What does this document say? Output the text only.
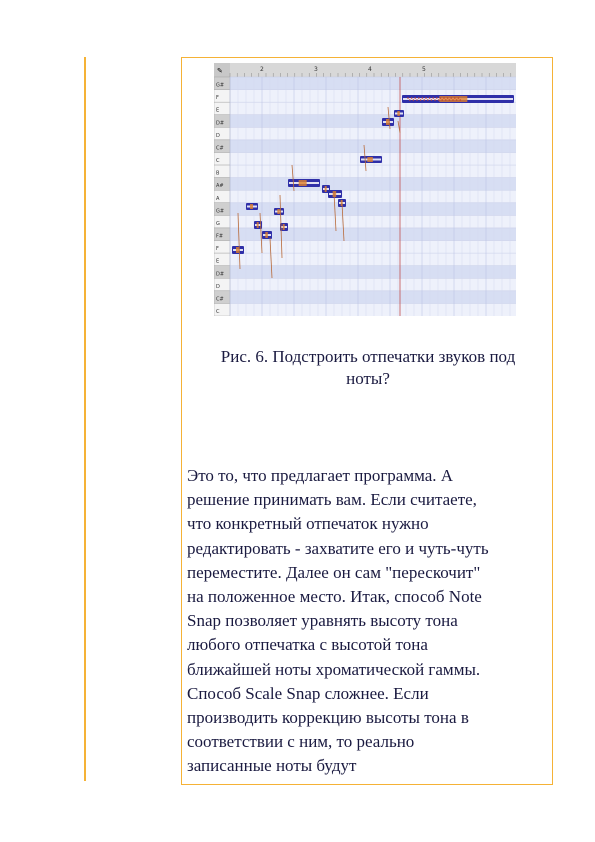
✎	2	3	4	5
G#
F
E
D#
D
C#
C
B
A#
A
G#
G
F#
F
E
D#
D
C#
C
Рис. 6. Подстроить отпечатки звуков под
ноты?
Это то, что предлагает программа. А
решение принимать вам. Если считаете,
что конкретный отпечаток нужно
редактировать - захватите его и чуть-чуть
переместите. Далее он сам "перескочит"
на положенное место. Итак, способ Note
Snap позволяет уравнять высоту тона
любого отпечатка с высотой тона
ближайшей ноты хроматической гаммы.
Способ Scale Snap сложнее. Если
производить коррекцию высоты тона в
соответствии с ним, то реально
записанные ноты будут
